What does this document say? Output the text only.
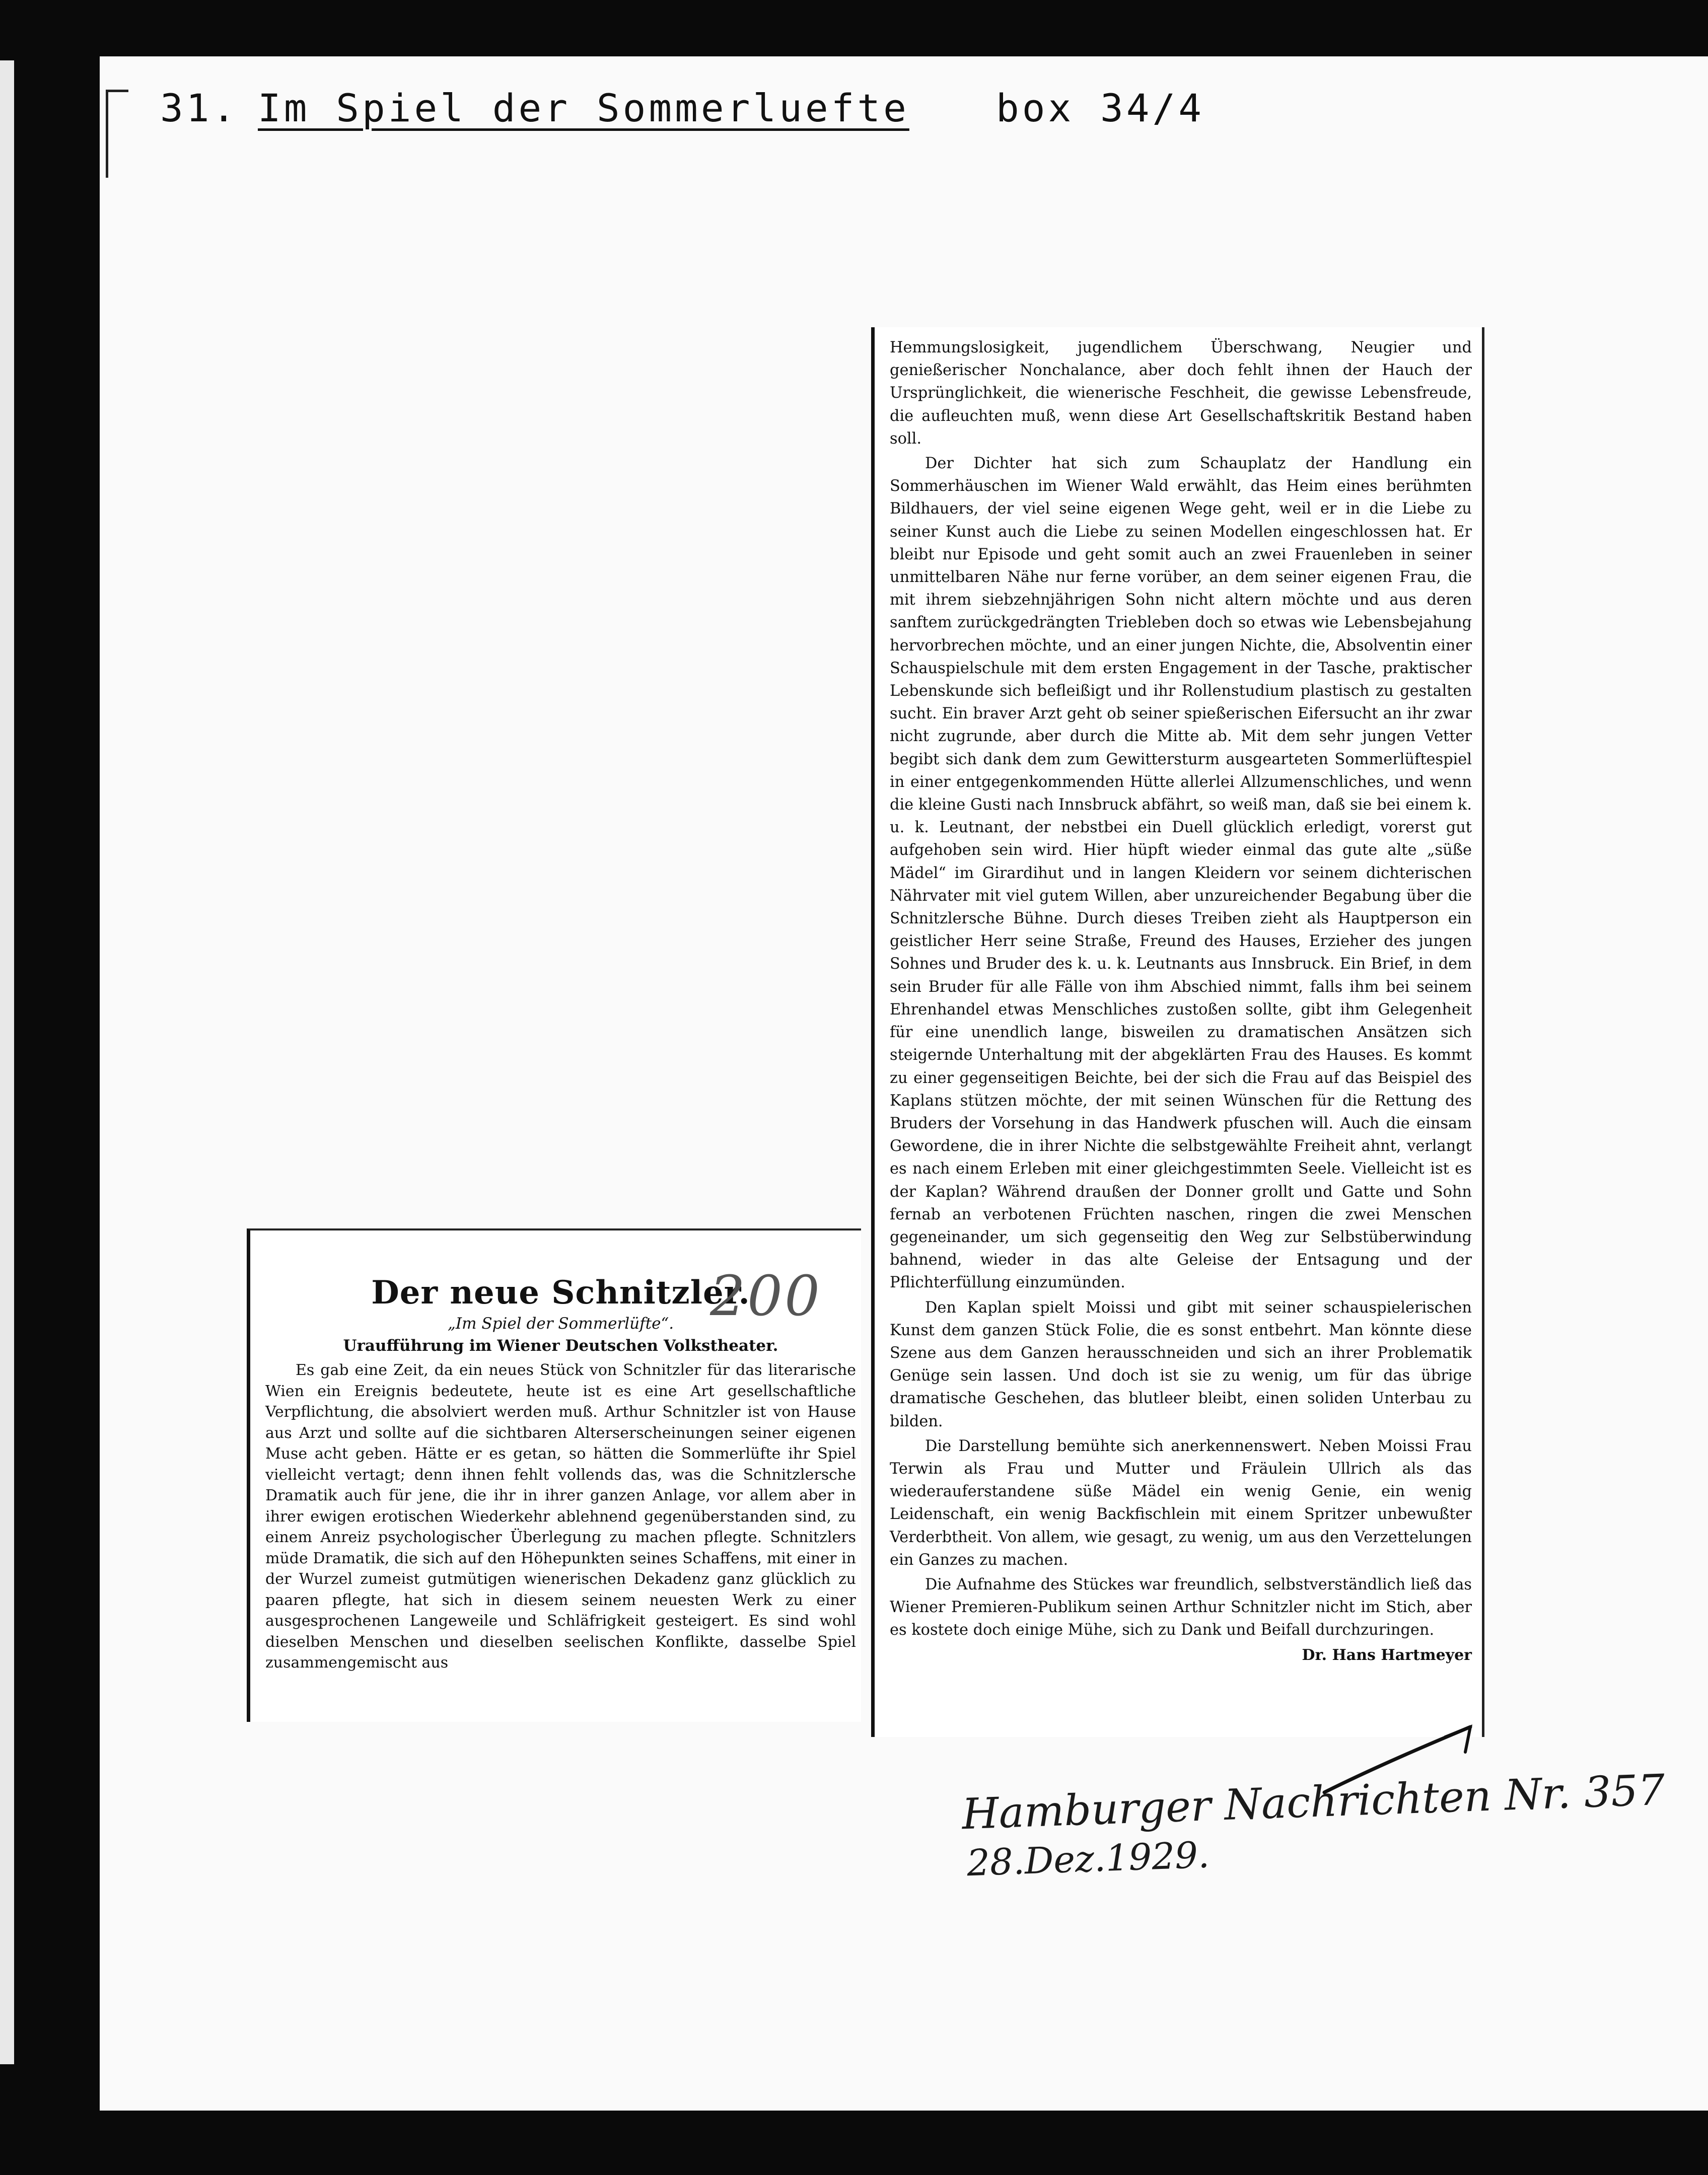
31. Im Spiel der Sommerluefte box 34/4

Hemmungslosigkeit, jugendlichem Überschwang, Neugier und genießerischer Nonchalance, aber doch fehlt ihnen der Hauch der Ursprünglichkeit, die wienerische Feschheit, die gewisse Lebensfreude, die aufleuchten muß, wenn diese Art Gesellschaftskritik Bestand haben soll.

Der Dichter hat sich zum Schauplatz der Handlung ein Sommerhäuschen im Wiener Wald erwählt, das Heim eines berühmten Bildhauers, der viel seine eigenen Wege geht, weil er in die Liebe zu seiner Kunst auch die Liebe zu seinen Modellen eingeschlossen hat. Er bleibt nur Episode und geht somit auch an zwei Frauenleben in seiner unmittelbaren Nähe nur ferne vorüber, an dem seiner eigenen Frau, die mit ihrem siebzehnjährigen Sohn nicht altern möchte und aus deren sanftem zurückgedrängten Triebleben doch so etwas wie Lebensbejahung hervorbrechen möchte, und an einer jungen Nichte, die, Absolventin einer Schauspielschule mit dem ersten Engagement in der Tasche, praktischer Lebenskunde sich befleißigt und ihr Rollenstudium plastisch zu gestalten sucht. Ein braver Arzt geht ob seiner spießerischen Eifersucht an ihr zwar nicht zugrunde, aber durch die Mitte ab. Mit dem sehr jungen Vetter begibt sich dank dem zum Gewittersturm ausgearteten Sommerlüftespiel in einer entgegenkommenden Hütte allerlei Allzumenschliches, und wenn die kleine Gusti nach Innsbruck abfährt, so weiß man, daß sie bei einem k. u. k. Leutnant, der nebstbei ein Duell glücklich erledigt, vorerst gut aufgehoben sein wird. Hier hüpft wieder einmal das gute alte „süße Mädel“ im Girardihut und in langen Kleidern vor seinem dichterischen Nährvater mit viel gutem Willen, aber unzureichender Begabung über die Schnitzlersche Bühne. Durch dieses Treiben zieht als Hauptperson ein geistlicher Herr seine Straße, Freund des Hauses, Erzieher des jungen Sohnes und Bruder des k. u. k. Leutnants aus Innsbruck. Ein Brief, in dem sein Bruder für alle Fälle von ihm Abschied nimmt, falls ihm bei seinem Ehrenhandel etwas Menschliches zustoßen sollte, gibt ihm Gelegenheit für eine unendlich lange, bisweilen zu dramatischen Ansätzen sich steigernde Unterhaltung mit der abgeklärten Frau des Hauses. Es kommt zu einer gegenseitigen Beichte, bei der sich die Frau auf das Beispiel des Kaplans stützen möchte, der mit seinen Wünschen für die Rettung des Bruders der Vorsehung in das Handwerk pfuschen will. Auch die einsam Gewordene, die in ihrer Nichte die selbstgewählte Freiheit ahnt, verlangt es nach einem Erleben mit einer gleichgestimmten Seele. Vielleicht ist es der Kaplan? Während draußen der Donner grollt und Gatte und Sohn fernab an verbotenen Früchten naschen, ringen die zwei Menschen gegeneinander, um sich gegenseitig den Weg zur Selbstüberwindung bahnend, wieder in das alte Geleise der Entsagung und der Pflichterfüllung einzumünden.

Den Kaplan spielt Moissi und gibt mit seiner schauspielerischen Kunst dem ganzen Stück Folie, die es sonst entbehrt. Man könnte diese Szene aus dem Ganzen herausschneiden und sich an ihrer Problematik Genüge sein lassen. Und doch ist sie zu wenig, um für das übrige dramatische Geschehen, das blutleer bleibt, einen soliden Unterbau zu bilden.

Die Darstellung bemühte sich anerkennenswert. Neben Moissi Frau Terwin als Frau und Mutter und Fräulein Ullrich als das wiederauferstandene süße Mädel ein wenig Genie, ein wenig Leidenschaft, ein wenig Backfischlein mit einem Spritzer unbewußter Verderbtheit. Von allem, wie gesagt, zu wenig, um aus den Verzettelungen ein Ganzes zu machen.

Die Aufnahme des Stückes war freundlich, selbstverständlich ließ das Wiener Premieren-Publikum seinen Arthur Schnitzler nicht im Stich, aber es kostete doch einige Mühe, sich zu Dank und Beifall durchzuringen.

Dr. Hans Hartmeyer
Der neue Schnitzler.
„Im Spiel der Sommerlüfte“.
Uraufführung im Wiener Deutschen Volkstheater.
Es gab eine Zeit, da ein neues Stück von Schnitzler für das literarische Wien ein Ereignis bedeutete, heute ist es eine Art gesellschaftliche Verpflichtung, die absolviert werden muß. Arthur Schnitzler ist von Hause aus Arzt und sollte auf die sichtbaren Alterserscheinungen seiner eigenen Muse acht geben. Hätte er es getan, so hätten die Sommerlüfte ihr Spiel vielleicht vertagt; denn ihnen fehlt vollends das, was die Schnitzlersche Dramatik auch für jene, die ihr in ihrer ganzen Anlage, vor allem aber in ihrer ewigen erotischen Wiederkehr ablehnend gegenüberstanden sind, zu einem Anreiz psychologischer Überlegung zu machen pflegte. Schnitzlers müde Dramatik, die sich auf den Höhepunkten seines Schaffens, mit einer in der Wurzel zumeist gutmütigen wienerischen Dekadenz ganz glücklich zu paaren pflegte, hat sich in diesem seinem neuesten Werk zu einer ausgesprochenen Langeweile und Schläfrigkeit gesteigert. Es sind wohl dieselben Menschen und dieselben seelischen Konflikte, dasselbe Spiel zusammengemischt aus
200
Hamburger Nachrichten Nr. 357
28.Dez.1929.
